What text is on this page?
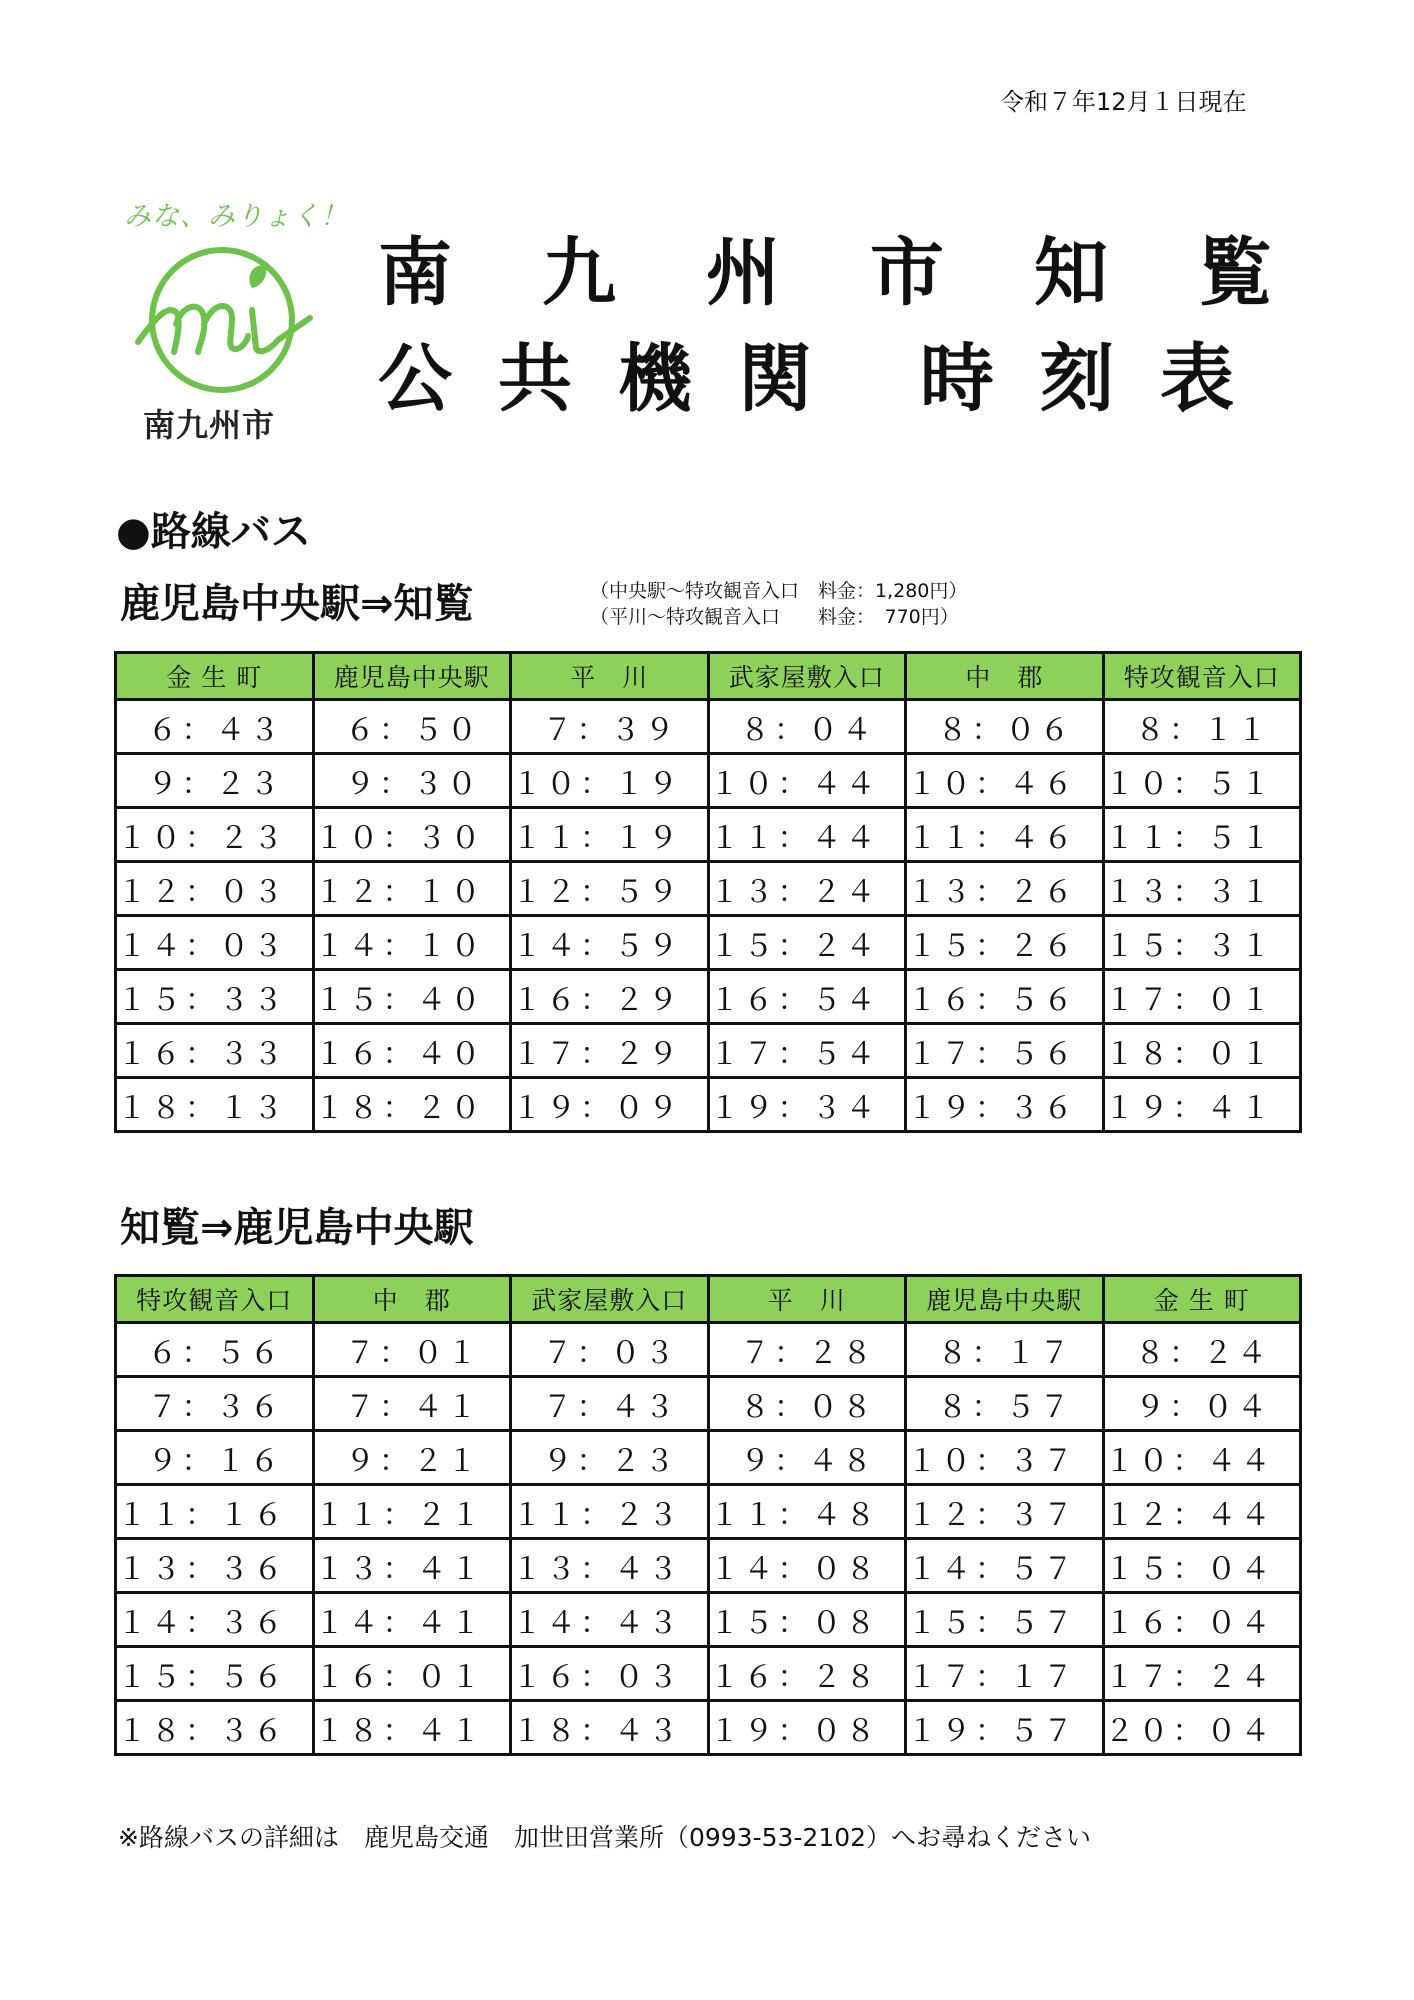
令和７年12月１日現在
みな、みりょく！
南九州市
南九州市知覧
公共機関 時刻表
●路線バス
鹿児島中央駅⇒知覧	（中央駅～特攻観音入口　料金：1,280円）
（平川～特攻観音入口　　料金：　770円）
金 生 町	鹿児島中央駅	平　川	武家屋敷入口	中　郡	特攻観音入口
６：４３	６：５０	７：３９	８：０４	８：０６	８：１１
９：２３	９：３０	１０：１９	１０：４４	１０：４６	１０：５１
１０：２３	１０：３０	１１：１９	１１：４４	１１：４６	１１：５１
１２：０３	１２：１０	１２：５９	１３：２４	１３：２６	１３：３１
１４：０３	１４：１０	１４：５９	１５：２４	１５：２６	１５：３１
１５：３３	１５：４０	１６：２９	１６：５４	１６：５６	１７：０１
１６：３３	１６：４０	１７：２９	１７：５４	１７：５６	１８：０１
１８：１３	１８：２０	１９：０９	１９：３４	１９：３６	１９：４１
知覧⇒鹿児島中央駅
特攻観音入口	中　郡	武家屋敷入口	平　川	鹿児島中央駅	金 生 町
６：５６	７：０１	７：０３	７：２８	８：１７	８：２４
７：３６	７：４１	７：４３	８：０８	８：５７	９：０４
９：１６	９：２１	９：２３	９：４８	１０：３７	１０：４４
１１：１６	１１：２１	１１：２３	１１：４８	１２：３７	１２：４４
１３：３６	１３：４１	１３：４３	１４：０８	１４：５７	１５：０４
１４：３６	１４：４１	１４：４３	１５：０８	１５：５７	１６：０４
１５：５６	１６：０１	１６：０３	１６：２８	１７：１７	１７：２４
１８：３６	１８：４１	１８：４３	１９：０８	１９：５７	２０：０４
※路線バスの詳細は　鹿児島交通　加世田営業所（0993-53-2102）へお尋ねください
